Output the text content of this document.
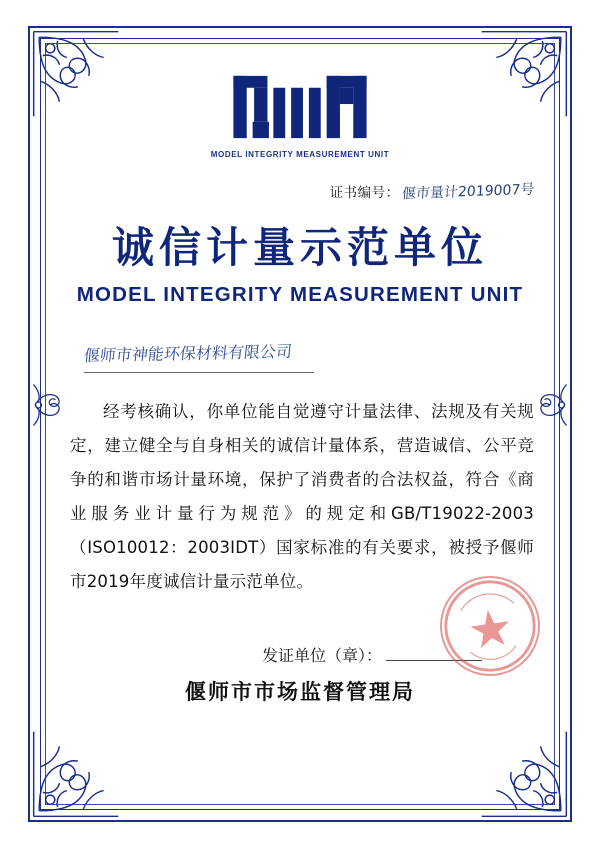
MODEL INTEGRITY MEASUREMENT UNIT
证书编号： 偃市量计2019007号
诚信计量示范单位
MODEL INTEGRITY MEASUREMENT UNIT
偃师市神能环保材料有限公司

经考核确认，你单位能自觉遵守计量法律、法规及有关规定，建立健全与自身相关的诚信计量体系，营造诚信、公平竞争的和谐市场计量环境，保护了消费者的合法权益，符合《商业服务业计量行为规范》的规定和GB/T19022-2003（ISO10012：2003IDT）国家标准的有关要求，被授予偃师市2019年度诚信计量示范单位。

发证单位（章）：
偃师市市场监督管理局
